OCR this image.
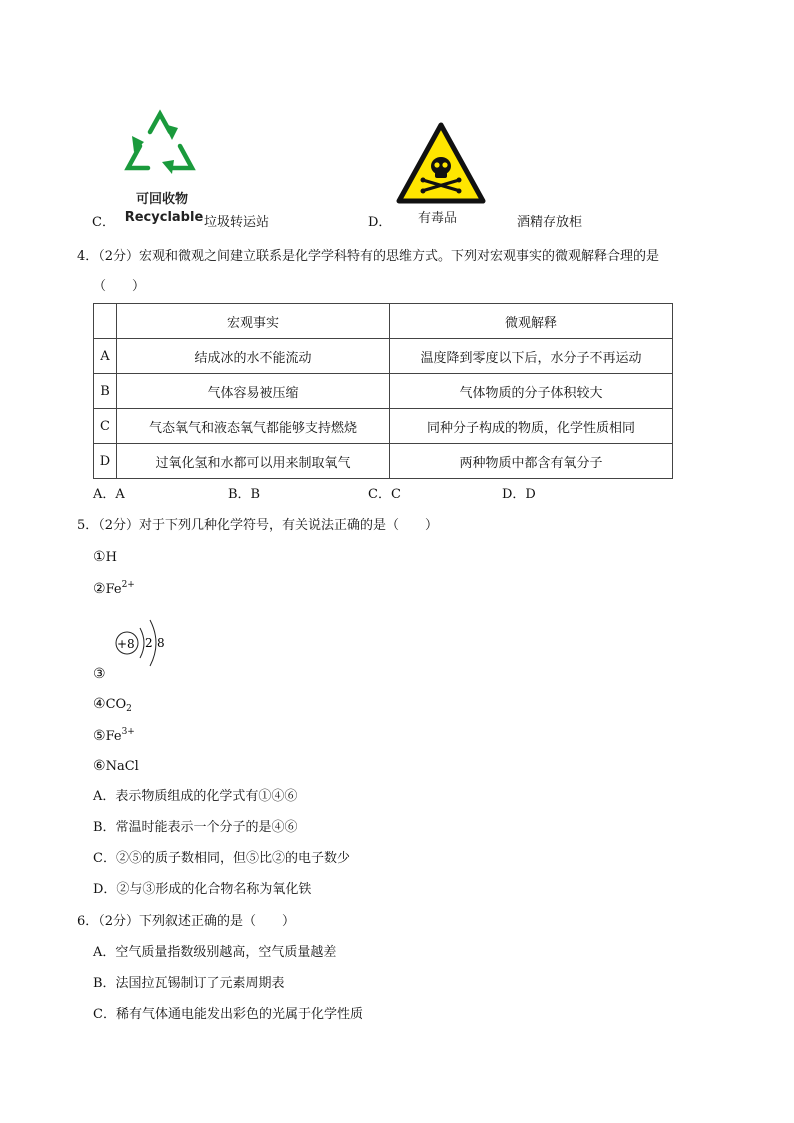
可回收物
Recyclable
C．	垃圾转运站	有毒品
D．	酒精存放柜
4．（2分）宏观和微观之间建立联系是化学学科特有的思维方式。下列对宏观事实的微观解释合理的是
（　　）
	宏观事实	微观解释
A	结成冰的水不能流动	温度降到零度以下后，水分子不再运动
B	气体容易被压缩	气体物质的分子体积较大
C	气态氧气和液态氧气都能够支持燃烧	同种分子构成的物质，化学性质相同
D	过氧化氢和水都可以用来制取氧气	两种物质中都含有氧分子
A．A	B．B	C．C	D．D
5．（2分）对于下列几种化学符号，有关说法正确的是（　　）
①H
$②Fe^{2+}$
+8 2 8
③
$④CO_2$
$⑤Fe^{3+}$
⑥NaCl
A．表示物质组成的化学式有①④⑥
B．常温时能表示一个分子的是④⑥
C．②⑤的质子数相同，但⑤比②的电子数少
D．②与③形成的化合物名称为氧化铁
6．（2分）下列叙述正确的是（　　）
A．空气质量指数级别越高，空气质量越差
B．法国拉瓦锡制订了元素周期表
C．稀有气体通电能发出彩色的光属于化学性质
